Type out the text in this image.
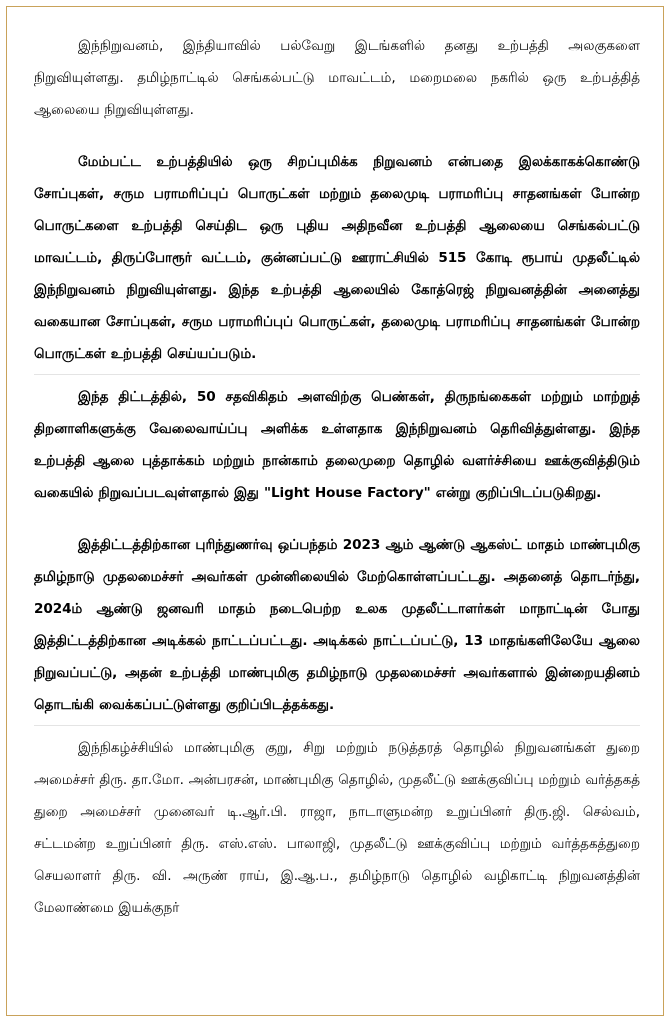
இந்நிறுவனம், இந்தியாவில் பல்வேறு இடங்களில் தனது உற்பத்தி அலகுகளை நிறுவியுள்ளது. தமிழ்நாட்டில் செங்கல்பட்டு மாவட்டம், மறைமலை நகரில் ஒரு உற்பத்தித் ஆலையை நிறுவியுள்ளது.

மேம்பட்ட உற்பத்தியில் ஒரு சிறப்புமிக்க நிறுவனம் என்பதை இலக்காகக்கொண்டு சோப்புகள், சரும பராமரிப்புப் பொருட்கள் மற்றும் தலைமுடி பராமரிப்பு சாதனங்கள் போன்ற பொருட்களை உற்பத்தி செய்திட ஒரு புதிய அதிநவீன உற்பத்தி ஆலையை செங்கல்பட்டு மாவட்டம், திருப்போரூர் வட்டம், குன்னப்பட்டு ஊராட்சியில் 515 கோடி ரூபாய் முதலீட்டில் இந்நிறுவனம் நிறுவியுள்ளது. இந்த உற்பத்தி ஆலையில் கோத்ரெஜ் நிறுவனத்தின் அனைத்து வகையான சோப்புகள், சரும பராமரிப்புப் பொருட்கள், தலைமுடி பராமரிப்பு சாதனங்கள் போன்ற பொருட்கள் உற்பத்தி செய்யப்படும்.

இந்த திட்டத்தில், 50 சதவிகிதம் அளவிற்கு பெண்கள், திருநங்கைகள் மற்றும் மாற்றுத் திறனாளிகளுக்கு வேலைவாய்ப்பு அளிக்க உள்ளதாக இந்நிறுவனம் தெரிவித்துள்ளது. இந்த உற்பத்தி ஆலை புத்தாக்கம் மற்றும் நான்காம் தலைமுறை தொழில் வளர்ச்சியை ஊக்குவித்திடும் வகையில் நிறுவப்படவுள்ளதால் இது "Light House Factory" என்று குறிப்பிடப்படுகிறது.

இத்திட்டத்திற்கான புரிந்துணர்வு ஒப்பந்தம் 2023 ஆம் ஆண்டு ஆகஸ்ட் மாதம் மாண்புமிகு தமிழ்நாடு முதலமைச்சர் அவர்கள் முன்னிலையில் மேற்கொள்ளப்பட்டது. அதனைத் தொடர்ந்து, 2024ம் ஆண்டு ஜனவரி மாதம் நடைபெற்ற உலக முதலீட்டாளர்கள் மாநாட்டின் போது இத்திட்டத்திற்கான அடிக்கல் நாட்டப்பட்டது. அடிக்கல் நாட்டப்பட்டு, 13 மாதங்களிலேயே ஆலை நிறுவப்பட்டு, அதன் உற்பத்தி மாண்புமிகு தமிழ்நாடு முதலமைச்சர் அவர்களால் இன்றையதினம் தொடங்கி வைக்கப்பட்டுள்ளது குறிப்பிடத்தக்கது.

இந்நிகழ்ச்சியில் மாண்புமிகு குறு, சிறு மற்றும் நடுத்தரத் தொழில் நிறுவனங்கள் துறை அமைச்சர் திரு. தா.மோ. அன்பரசன், மாண்புமிகு தொழில், முதலீட்டு ஊக்குவிப்பு மற்றும் வர்த்தகத் துறை அமைச்சர் முனைவர் டி.ஆர்.பி. ராஜா, நாடாளுமன்ற உறுப்பினர் திரு.ஜி. செல்வம், சட்டமன்ற உறுப்பினர் திரு. எஸ்.எஸ். பாலாஜி, முதலீட்டு ஊக்குவிப்பு மற்றும் வர்த்தகத்துறை செயலாளர் திரு. வி. அருண் ராய், இ.ஆ.ப., தமிழ்நாடு தொழில் வழிகாட்டி நிறுவனத்தின் மேலாண்மை இயக்குநர்
